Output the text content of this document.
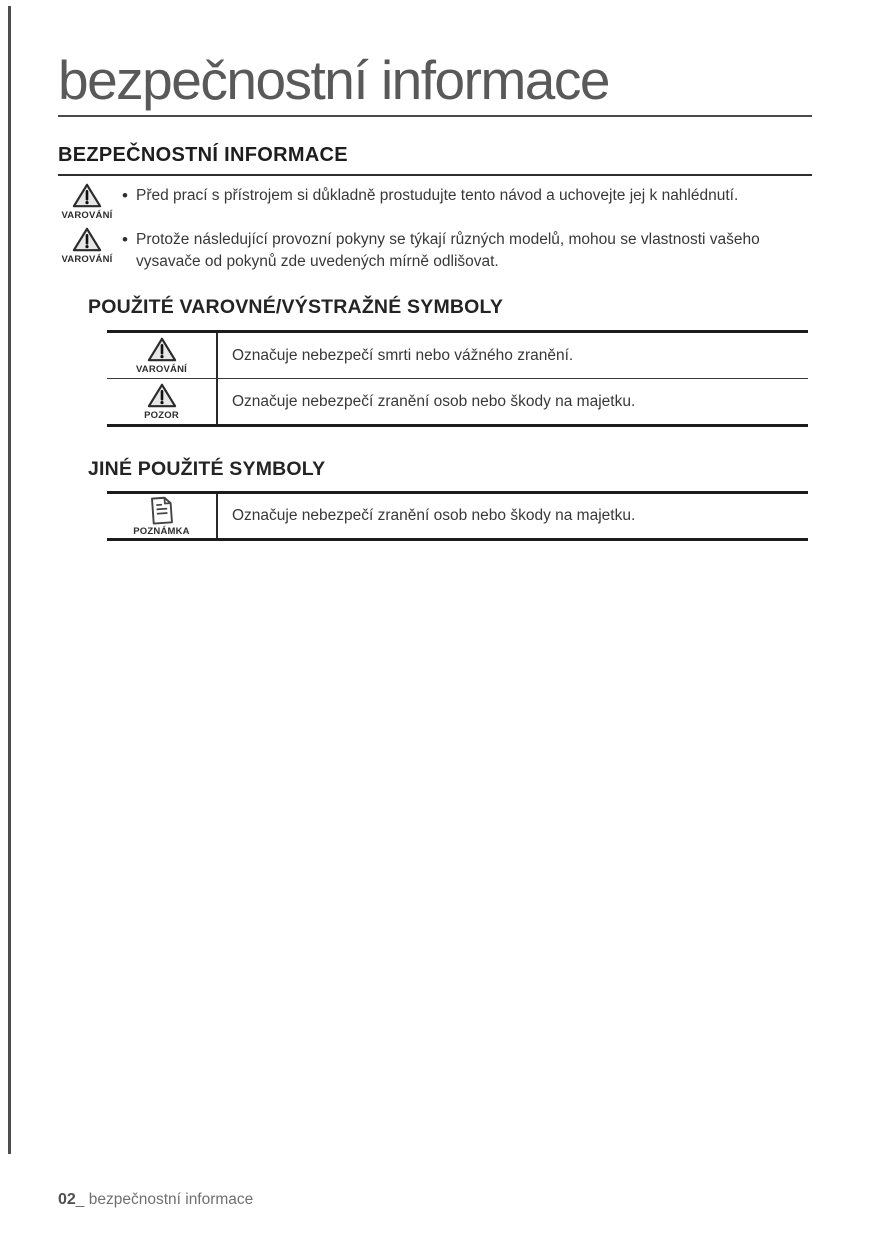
bezpečnostní informace
BEZPEČNOSTNÍ INFORMACE
VAROVÁNÍ
• Před prací s přístrojem si důkladně prostudujte tento návod a uchovejte jej k nahlédnutí.
VAROVÁNÍ
• Protože následující provozní pokyny se týkají různých modelů, mohou se vlastnosti vašeho vysavače od pokynů zde uvedených mírně odlišovat.
POUŽITÉ VAROVNÉ/VÝSTRAŽNÉ SYMBOLY
VAROVÁNÍ
Označuje nebezpečí smrti nebo vážného zranění.
POZOR
Označuje nebezpečí zranění osob nebo škody na majetku.
JINÉ POUŽITÉ SYMBOLY
POZNÁMKA
Označuje nebezpečí zranění osob nebo škody na majetku.
02_ bezpečnostní informace
